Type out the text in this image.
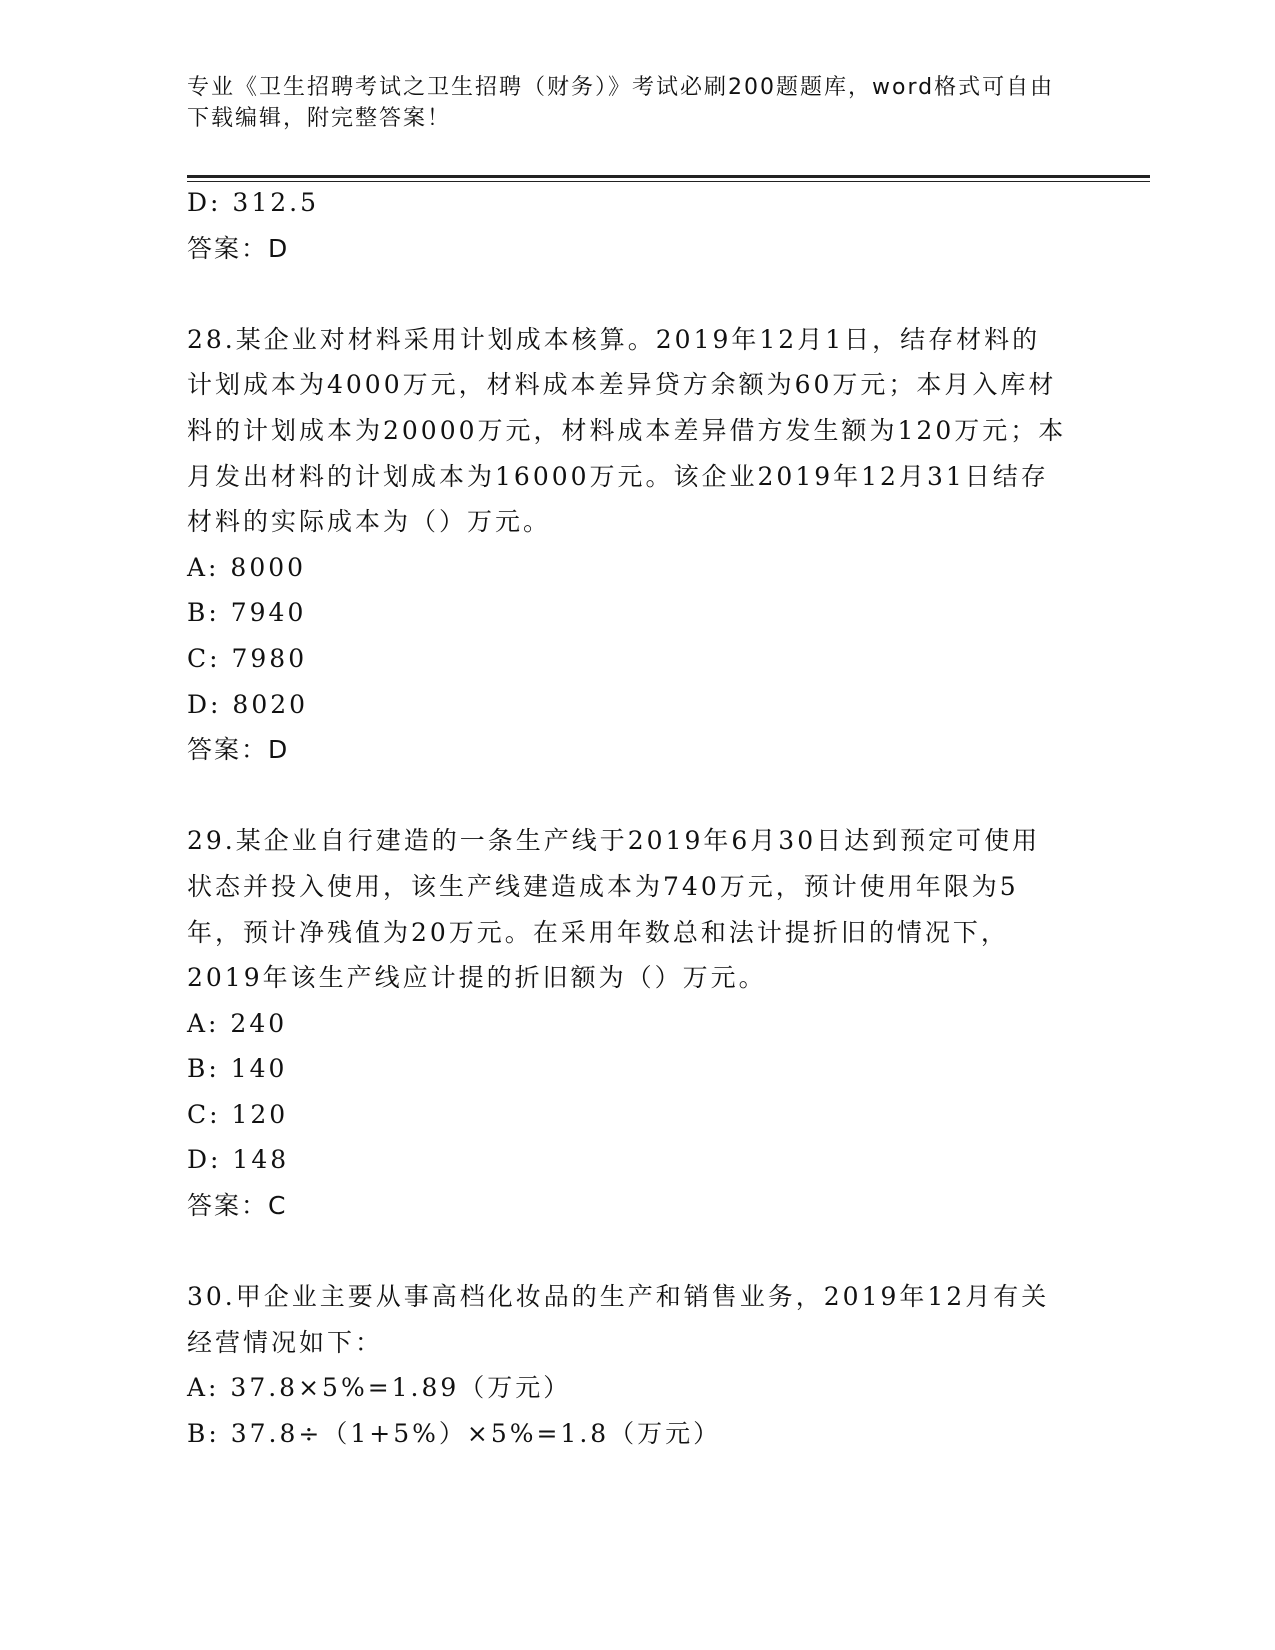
专业《卫生招聘考试之卫生招聘（财务）》考试必刷200题题库，word格式可自由下载编辑，附完整答案！
D: 312.5
答案：D

28.某企业对材料采用计划成本核算。2019年12月1日，结存材料的计划成本为4000万元，材料成本差异贷方余额为60万元；本月入库材料的计划成本为20000万元，材料成本差异借方发生额为120万元；本月发出材料的计划成本为16000万元。该企业2019年12月31日结存材料的实际成本为（）万元。

A: 8000
B: 7940
C: 7980
D: 8020
答案：D

29.某企业自行建造的一条生产线于2019年6月30日达到预定可使用状态并投入使用，该生产线建造成本为740万元，预计使用年限为5年，预计净残值为20万元。在采用年数总和法计提折旧的情况下，2019年该生产线应计提的折旧额为（）万元。

A: 240
B: 140
C: 120
D: 148
答案：C

30.甲企业主要从事高档化妆品的生产和销售业务，2019年12月有关经营情况如下：

A: 37.8×5%=1.89（万元）
B: 37.8÷（1+5%）×5%=1.8（万元）
